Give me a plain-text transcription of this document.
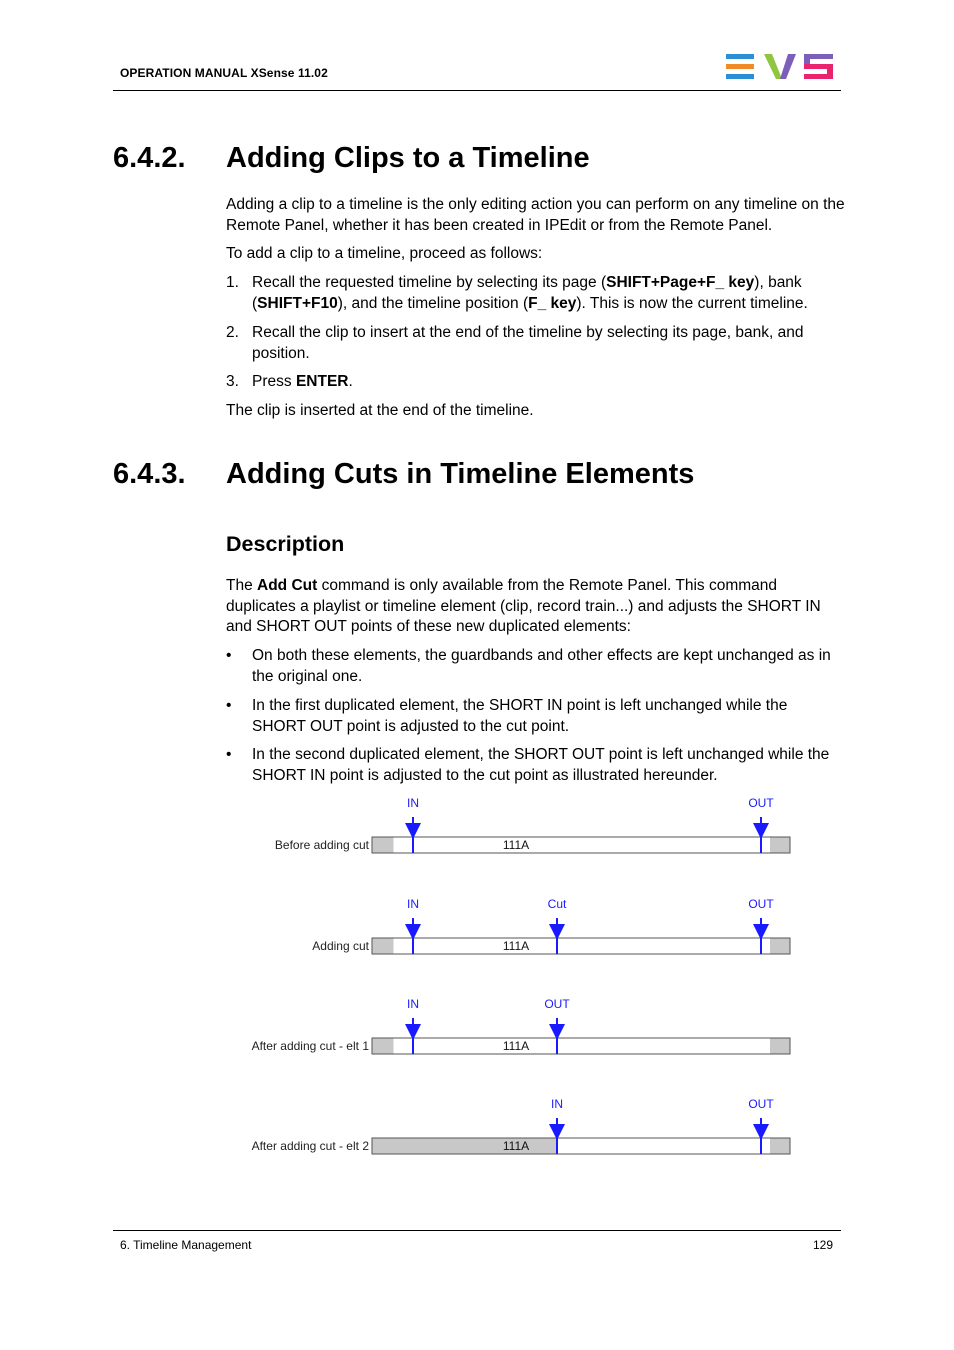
OPERATION MANUAL XSense 11.02
6.4.2. Adding Clips to a Timeline
Adding a clip to a timeline is the only editing action you can perform on any timeline on the Remote Panel, whether it has been created in IPEdit or from the Remote Panel.
To add a clip to a timeline, proceed as follows:
1. Recall the requested timeline by selecting its page (SHIFT+Page+F_ key), bank
(SHIFT+F10), and the timeline position (F_ key). This is now the current timeline.
2. Recall the clip to insert at the end of the timeline by selecting its page, bank, and position.
3. Press ENTER.
The clip is inserted at the end of the timeline.
6.4.3. Adding Cuts in Timeline Elements
Description
The Add Cut command is only available from the Remote Panel. This command duplicates a playlist or timeline element (clip, record train...) and adjusts the SHORT IN and SHORT OUT points of these new duplicated elements:
• On both these elements, the guardbands and other effects are kept unchanged as in the original one.
• In the first duplicated element, the SHORT IN point is left unchanged while the SHORT OUT point is adjusted to the cut point.
• In the second duplicated element, the SHORT OUT point is left unchanged while the SHORT IN point is adjusted to the cut point as illustrated hereunder.
Before adding cut	111A
IN	OUT
Adding cut	111A
IN	Cut	OUT
After adding cut - elt 1	111A
IN	OUT
After adding cut - elt 2	111A
IN	OUT
6. Timeline Management	129
